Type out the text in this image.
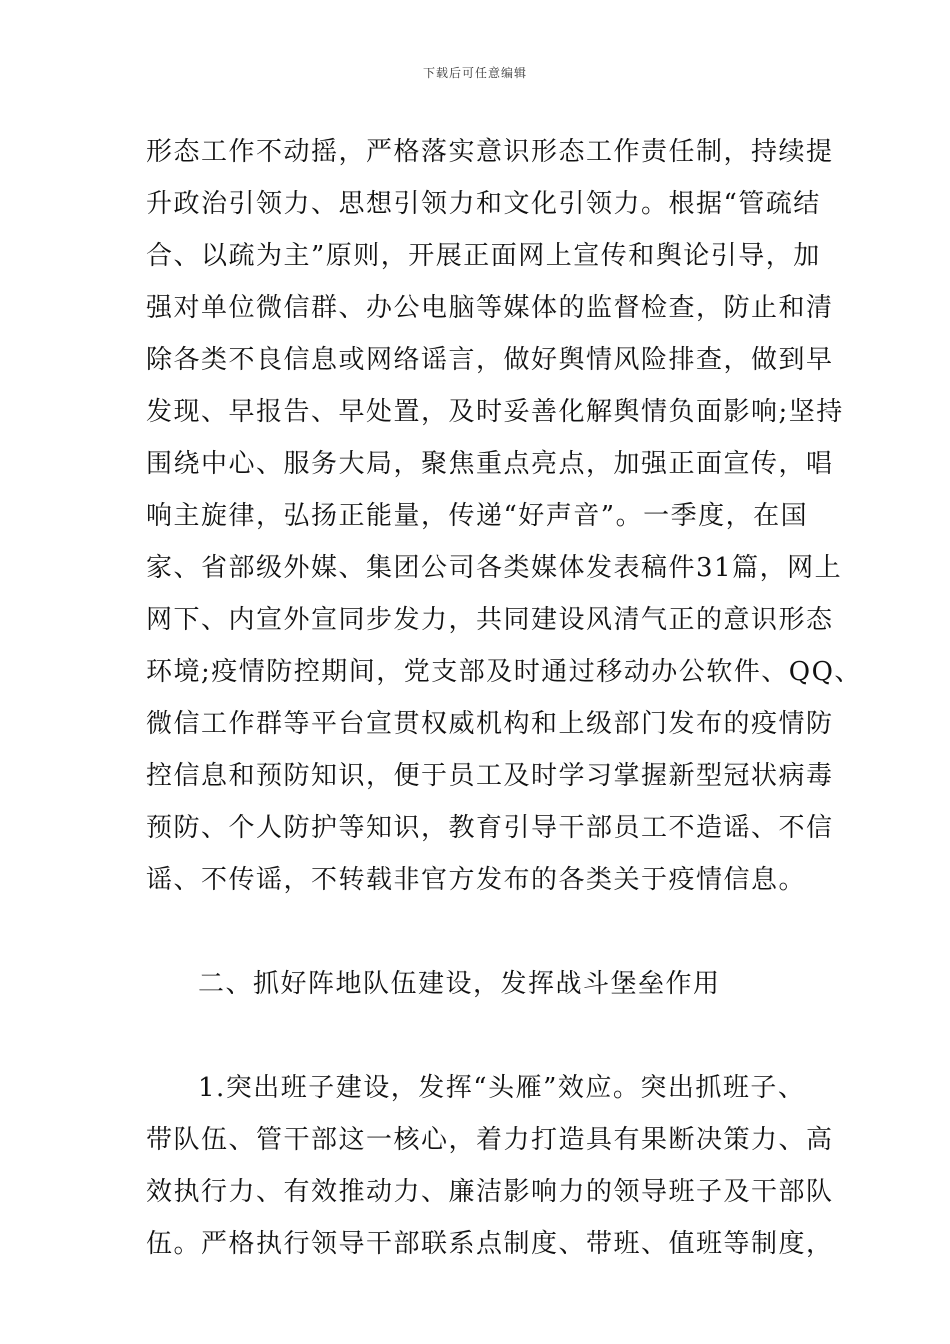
下载后可任意编辑
形态工作不动摇，严格落实意识形态工作责任制，持续提
升政治引领力、思想引领力和文化引领力。根据“管疏结
合、以疏为主”原则，开展正面网上宣传和舆论引导，加
强对单位微信群、办公电脑等媒体的监督检查，防止和清
除各类不良信息或网络谣言，做好舆情风险排查，做到早
发现、早报告、早处置，及时妥善化解舆情负面影响;坚持
围绕中心、服务大局，聚焦重点亮点，加强正面宣传，唱
响主旋律，弘扬正能量，传递“好声音”。一季度，在国
家、省部级外媒、集团公司各类媒体发表稿件31篇，网上
网下、内宣外宣同步发力，共同建设风清气正的意识形态
环境;疫情防控期间，党支部及时通过移动办公软件、QQ、
微信工作群等平台宣贯权威机构和上级部门发布的疫情防
控信息和预防知识，便于员工及时学习掌握新型冠状病毒
预防、个人防护等知识，教育引导干部员工不造谣、不信
谣、不传谣，不转载非官方发布的各类关于疫情信息。
二、抓好阵地队伍建设，发挥战斗堡垒作用
1.突出班子建设，发挥“头雁”效应。突出抓班子、
带队伍、管干部这一核心，着力打造具有果断决策力、高
效执行力、有效推动力、廉洁影响力的领导班子及干部队
伍。严格执行领导干部联系点制度、带班、值班等制度，
